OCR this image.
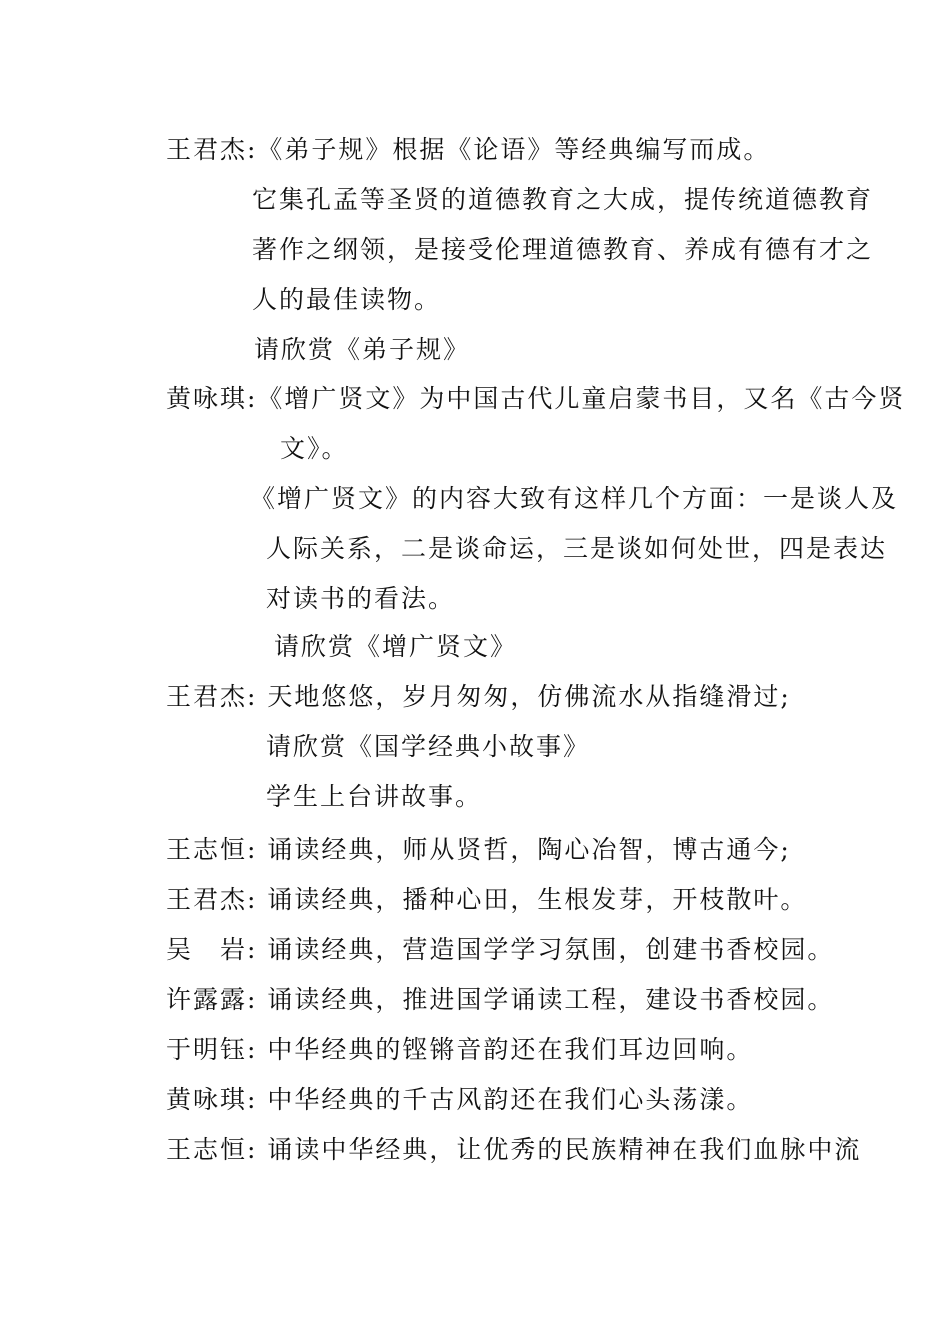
王君杰:《弟子规》根据《论语》等经典编写而成。
它集孔孟等圣贤的道德教育之大成，提传统道德教育
著作之纲领，是接受伦理道德教育、养成有德有才之
人的最佳读物。
请欣赏《弟子规》
黄咏琪:《增广贤文》为中国古代儿童启蒙书目，又名《古今贤
文》。
《增广贤文》的内容大致有这样几个方面：一是谈人及
人际关系，二是谈命运，三是谈如何处世，四是表达
对读书的看法。
请欣赏《增广贤文》
王君杰: 天地悠悠，岁月匆匆，仿佛流水从指缝滑过;
请欣赏《国学经典小故事》
学生上台讲故事。
王志恒: 诵读经典，师从贤哲，陶心冶智，博古通今;
王君杰: 诵读经典，播种心田，生根发芽，开枝散叶。
吴　岩: 诵读经典，营造国学学习氛围，创建书香校园。
许露露: 诵读经典，推进国学诵读工程，建设书香校园。
于明钰: 中华经典的铿锵音韵还在我们耳边回响。
黄咏琪: 中华经典的千古风韵还在我们心头荡漾。
王志恒: 诵读中华经典，让优秀的民族精神在我们血脉中流
